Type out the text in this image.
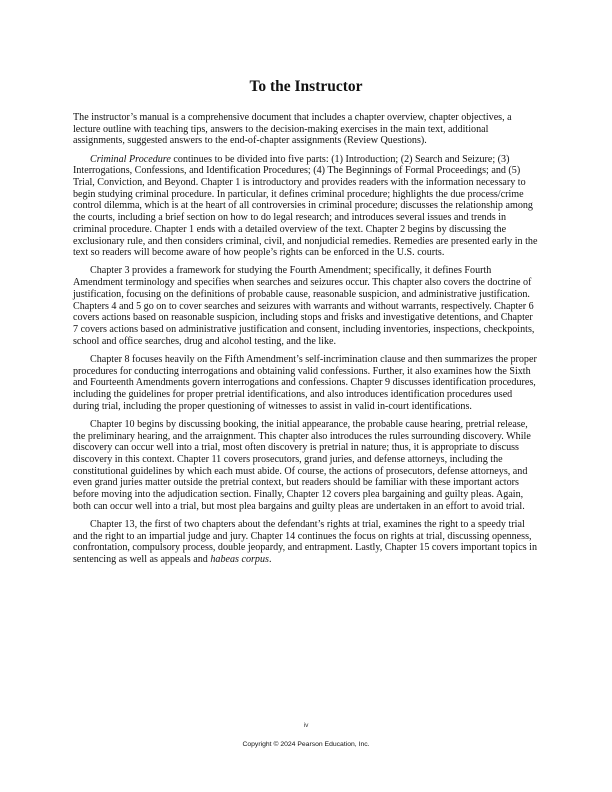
To the Instructor

The instructor’s manual is a comprehensive document that includes a chapter overview, chapter objectives, a lecture outline with teaching tips, answers to the decision-making exercises in the main text, additional assignments, suggested answers to the end-of-chapter assignments (Review Questions).

Criminal Procedure continues to be divided into five parts: (1) Introduction; (2) Search and Seizure; (3) Interrogations, Confessions, and Identification Procedures; (4) The Beginnings of Formal Proceedings; and (5) Trial, Conviction, and Beyond. Chapter 1 is introductory and provides readers with the information necessary to begin studying criminal procedure. In particular, it defines criminal procedure; highlights the due process/crime control dilemma, which is at the heart of all controversies in criminal procedure; discusses the relationship among the courts, including a brief section on how to do legal research; and introduces several issues and trends in criminal procedure. Chapter 1 ends with a detailed overview of the text. Chapter 2 begins by discussing the exclusionary rule, and then considers criminal, civil, and nonjudicial remedies. Remedies are presented early in the text so readers will become aware of how people’s rights can be enforced in the U.S. courts.

Chapter 3 provides a framework for studying the Fourth Amendment; specifically, it defines Fourth Amendment terminology and specifies when searches and seizures occur. This chapter also covers the doctrine of justification, focusing on the definitions of probable cause, reasonable suspicion, and administrative justification. Chapters 4 and 5 go on to cover searches and seizures with warrants and without warrants, respectively. Chapter 6 covers actions based on reasonable suspicion, including stops and frisks and investigative detentions, and Chapter 7 covers actions based on administrative justification and consent, including inventories, inspections, checkpoints, school and office searches, drug and alcohol testing, and the like.

Chapter 8 focuses heavily on the Fifth Amendment’s self-incrimination clause and then summarizes the proper procedures for conducting interrogations and obtaining valid confessions. Further, it also examines how the Sixth and Fourteenth Amendments govern interrogations and confessions. Chapter 9 discusses identification procedures, including the guidelines for proper pretrial identifications, and also introduces identification procedures used during trial, including the proper questioning of witnesses to assist in valid in-court identifications.

Chapter 10 begins by discussing booking, the initial appearance, the probable cause hearing, pretrial release, the preliminary hearing, and the arraignment. This chapter also introduces the rules surrounding discovery. While discovery can occur well into a trial, most often discovery is pretrial in nature; thus, it is appropriate to discuss discovery in this context. Chapter 11 covers prosecutors, grand juries, and defense attorneys, including the constitutional guidelines by which each must abide. Of course, the actions of prosecutors, defense attorneys, and even grand juries matter outside the pretrial context, but readers should be familiar with these important actors before moving into the adjudication section. Finally, Chapter 12 covers plea bargaining and guilty pleas. Again, both can occur well into a trial, but most plea bargains and guilty pleas are undertaken in an effort to avoid trial.

Chapter 13, the first of two chapters about the defendant’s rights at trial, examines the right to a speedy trial and the right to an impartial judge and jury. Chapter 14 continues the focus on rights at trial, discussing openness, confrontation, compulsory process, double jeopardy, and entrapment. Lastly, Chapter 15 covers important topics in sentencing as well as appeals and habeas corpus.

iv
Copyright © 2024 Pearson Education, Inc.
